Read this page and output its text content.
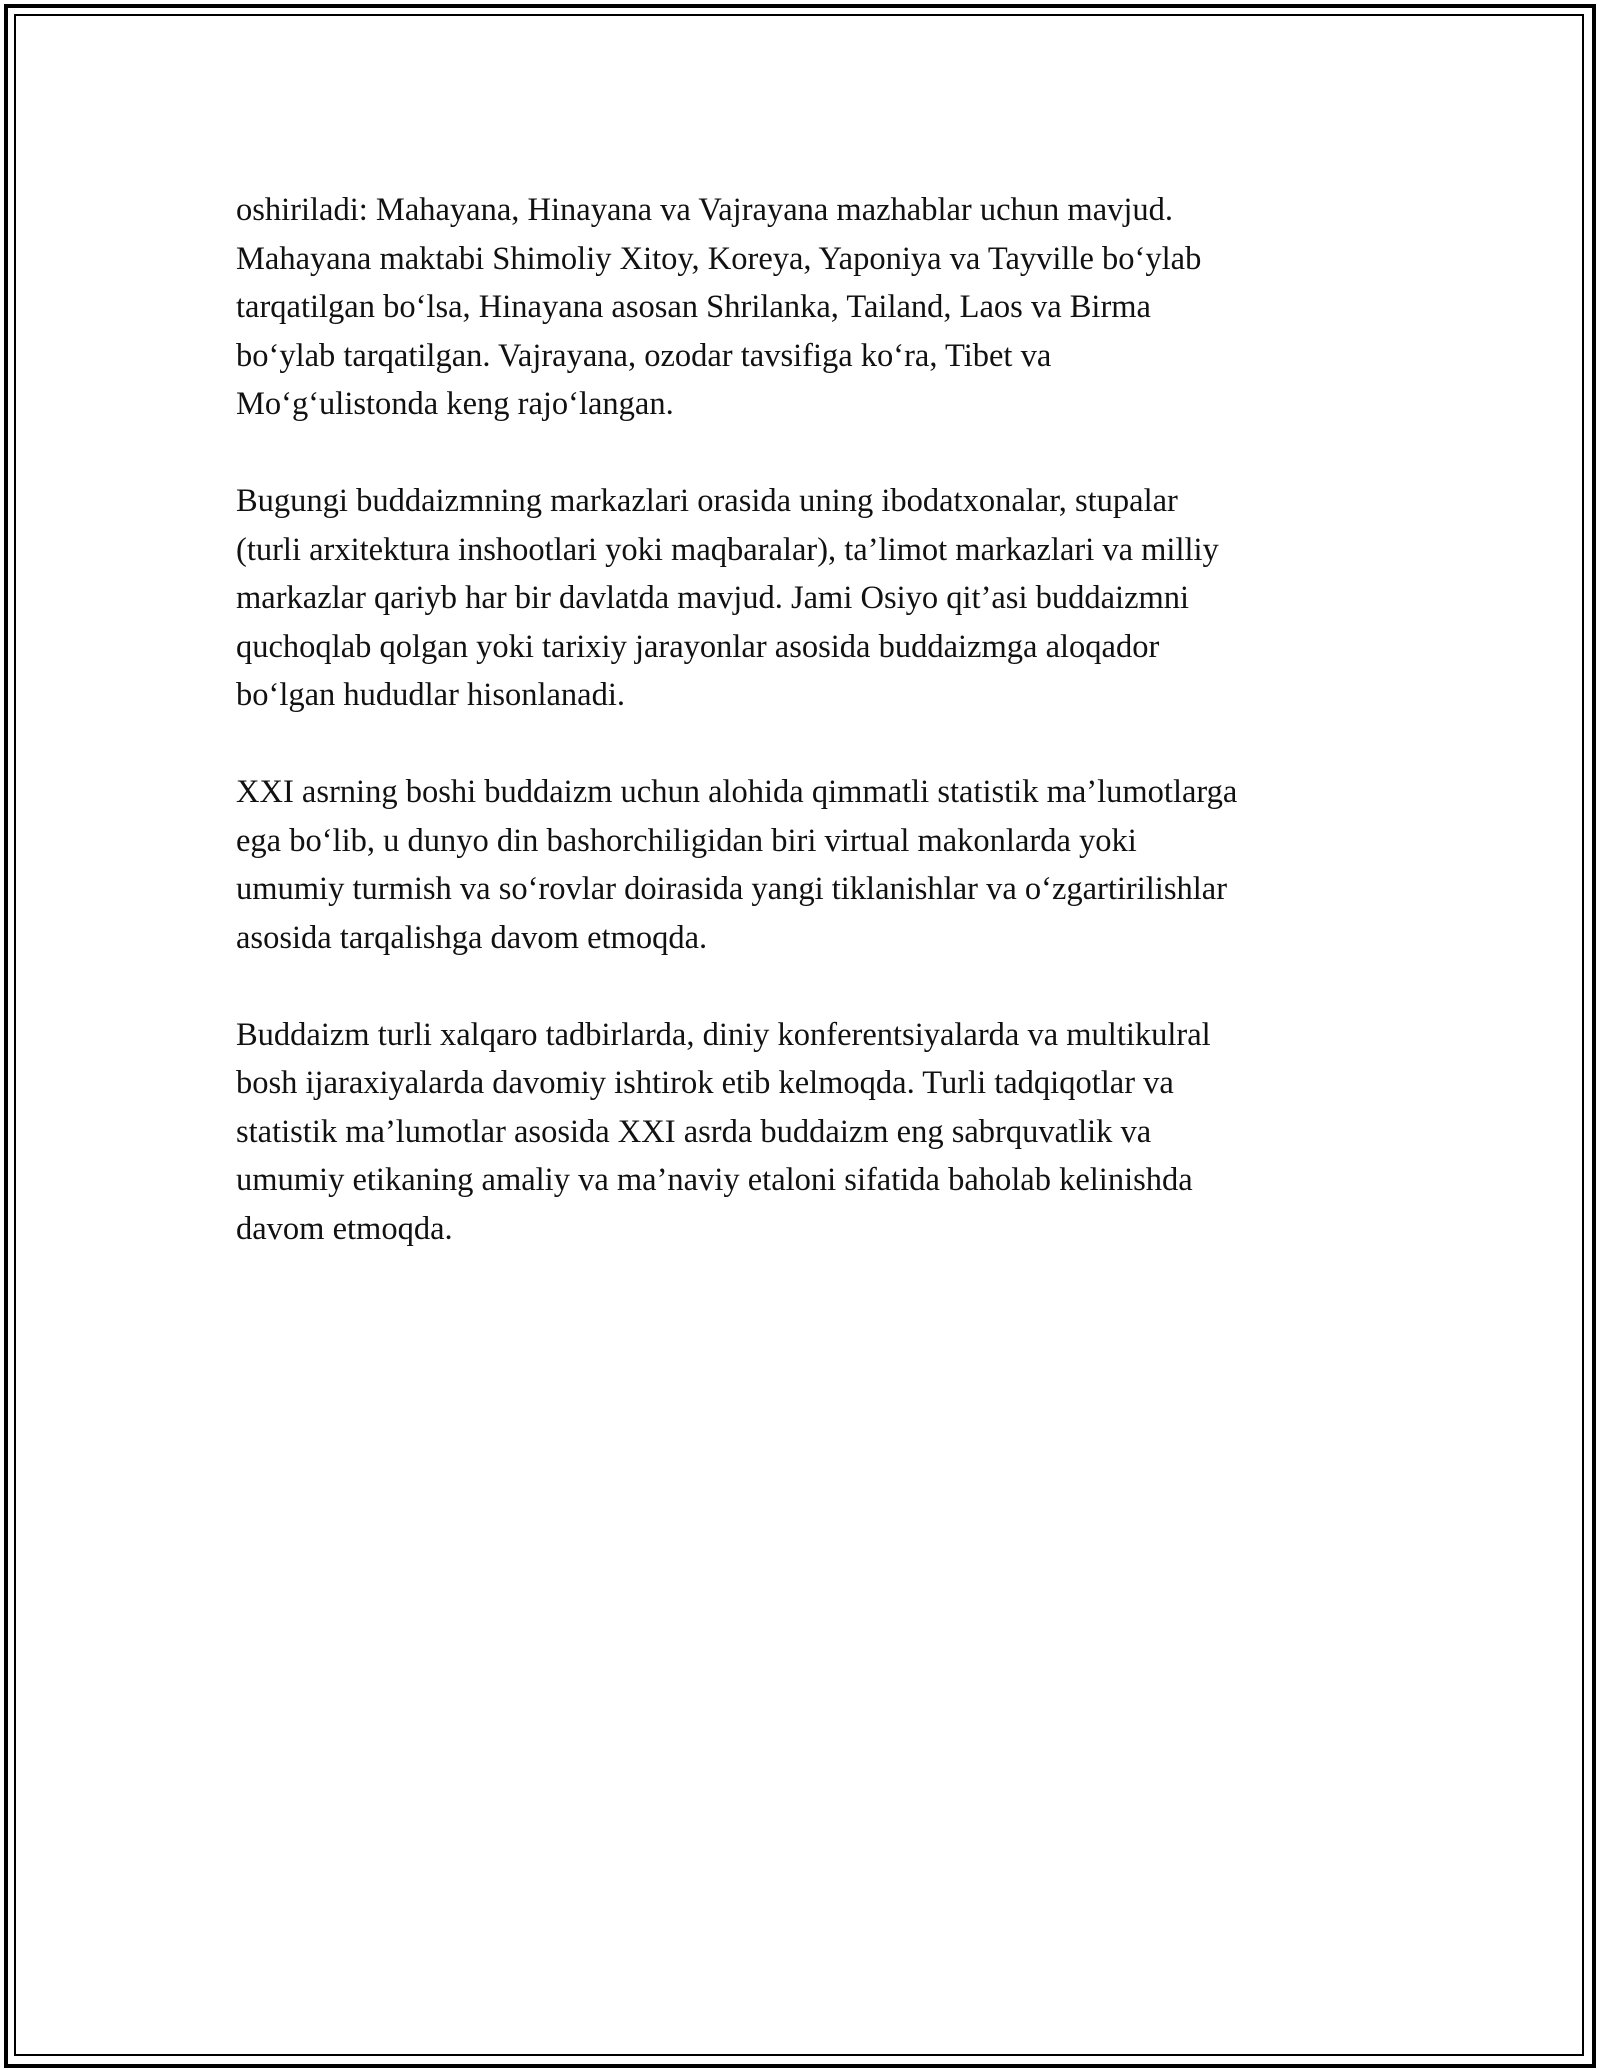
oshiriladi: Mahayana, Hinayana va Vajrayana mazhablar uchun mavjud.
Mahayana maktabi Shimoliy Xitoy, Koreya, Yaponiya va Tayville bo‘ylab
tarqatilgan bo‘lsa, Hinayana asosan Shrilanka, Tailand, Laos va Birma
bo‘ylab tarqatilgan. Vajrayana, ozodar tavsifiga ko‘ra, Tibet va
Mo‘g‘ulistonda keng rajo‘langan.

Bugungi buddaizmning markazlari orasida uning ibodatxonalar, stupalar
(turli arxitektura inshootlari yoki maqbaralar), ta’limot markazlari va milliy
markazlar qariyb har bir davlatda mavjud. Jami Osiyo qit’asi buddaizmni
quchoqlab qolgan yoki tarixiy jarayonlar asosida buddaizmga aloqador
bo‘lgan hududlar hisonlanadi.

XXI asrning boshi buddaizm uchun alohida qimmatli statistik ma’lumotlarga
ega bo‘lib, u dunyo din bashorchiligidan biri virtual makonlarda yoki
umumiy turmish va so‘rovlar doirasida yangi tiklanishlar va o‘zgartirilishlar
asosida tarqalishga davom etmoqda.

Buddaizm turli xalqaro tadbirlarda, diniy konferentsiyalarda va multikulral
bosh ijaraxiyalarda davomiy ishtirok etib kelmoqda. Turli tadqiqotlar va
statistik ma’lumotlar asosida XXI asrda buddaizm eng sabrquvatlik va
umumiy etikaning amaliy va ma’naviy etaloni sifatida baholab kelinishda
davom etmoqda.
